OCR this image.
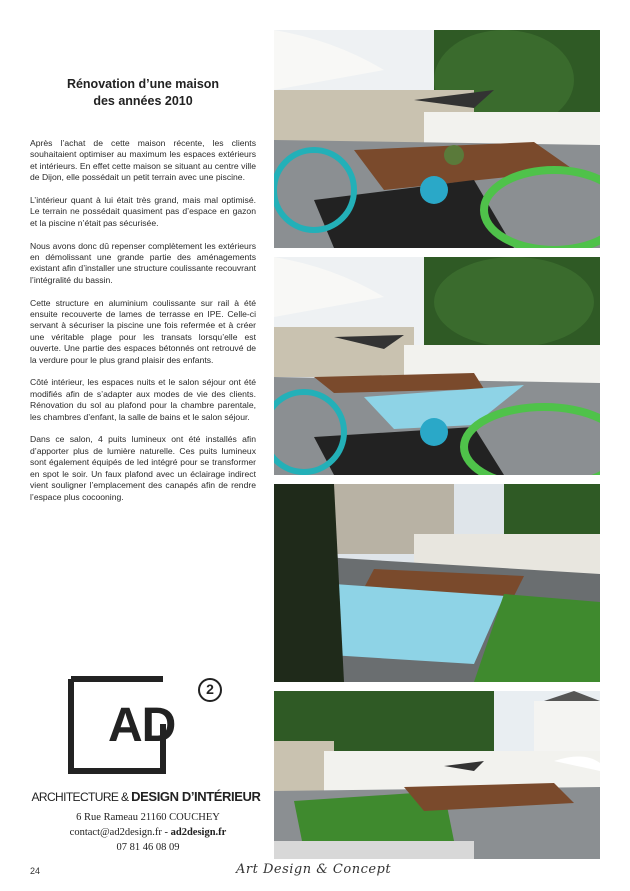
Rénovation d’une maison
des années 2010

Après l’achat de cette maison récente, les clients souhaitaient optimiser au maximum les espaces extérieurs et intérieurs. En effet cette maison se situant au centre ville de Dijon, elle possédait un petit terrain avec une piscine.

L’intérieur quant à lui était très grand, mais mal optimisé. Le terrain ne possédait quasiment pas d’espace en gazon et la piscine n’était pas sécurisée.

Nous avons donc dû repenser complètement les extérieurs en démolissant une grande partie des aménagements existant afin d’installer une structure coulissante recouvrant l’intégralité du bassin.

Cette structure en aluminium coulissante sur rail à été ensuite recouverte de lames de terrasse en IPE. Celle-ci servant à sécuriser la piscine une fois refermée et à créer une véritable plage pour les transats lorsqu’elle est ouverte. Une partie des espaces bétonnés ont retrouvé de la verdure pour le plus grand plaisir des enfants.

Côté intérieur, les espaces nuits et le salon séjour ont été modifiés afin de s’adapter aux modes de vie des clients. Rénovation du sol au plafond pour la chambre parentale, les chambres d’enfant, la salle de bains et le salon séjour.

Dans ce salon, 4 puits lumineux ont été installés afin d’apporter plus de lumière naturelle. Ces puits lumineux sont également équipés de led intégré pour se transformer en spot le soir. Un faux plafond avec un éclairage indirect vient souligner l’emplacement des canapés afin de rendre l’espace plus cocooning.

AD
2
ARCHITECTURE & DESIGN D’INTÉRIEUR
6 Rue Rameau 21160 COUCHEY
contact@ad2design.fr - ad2design.fr
07 81 46 08 09
24	Art Design & Concept
